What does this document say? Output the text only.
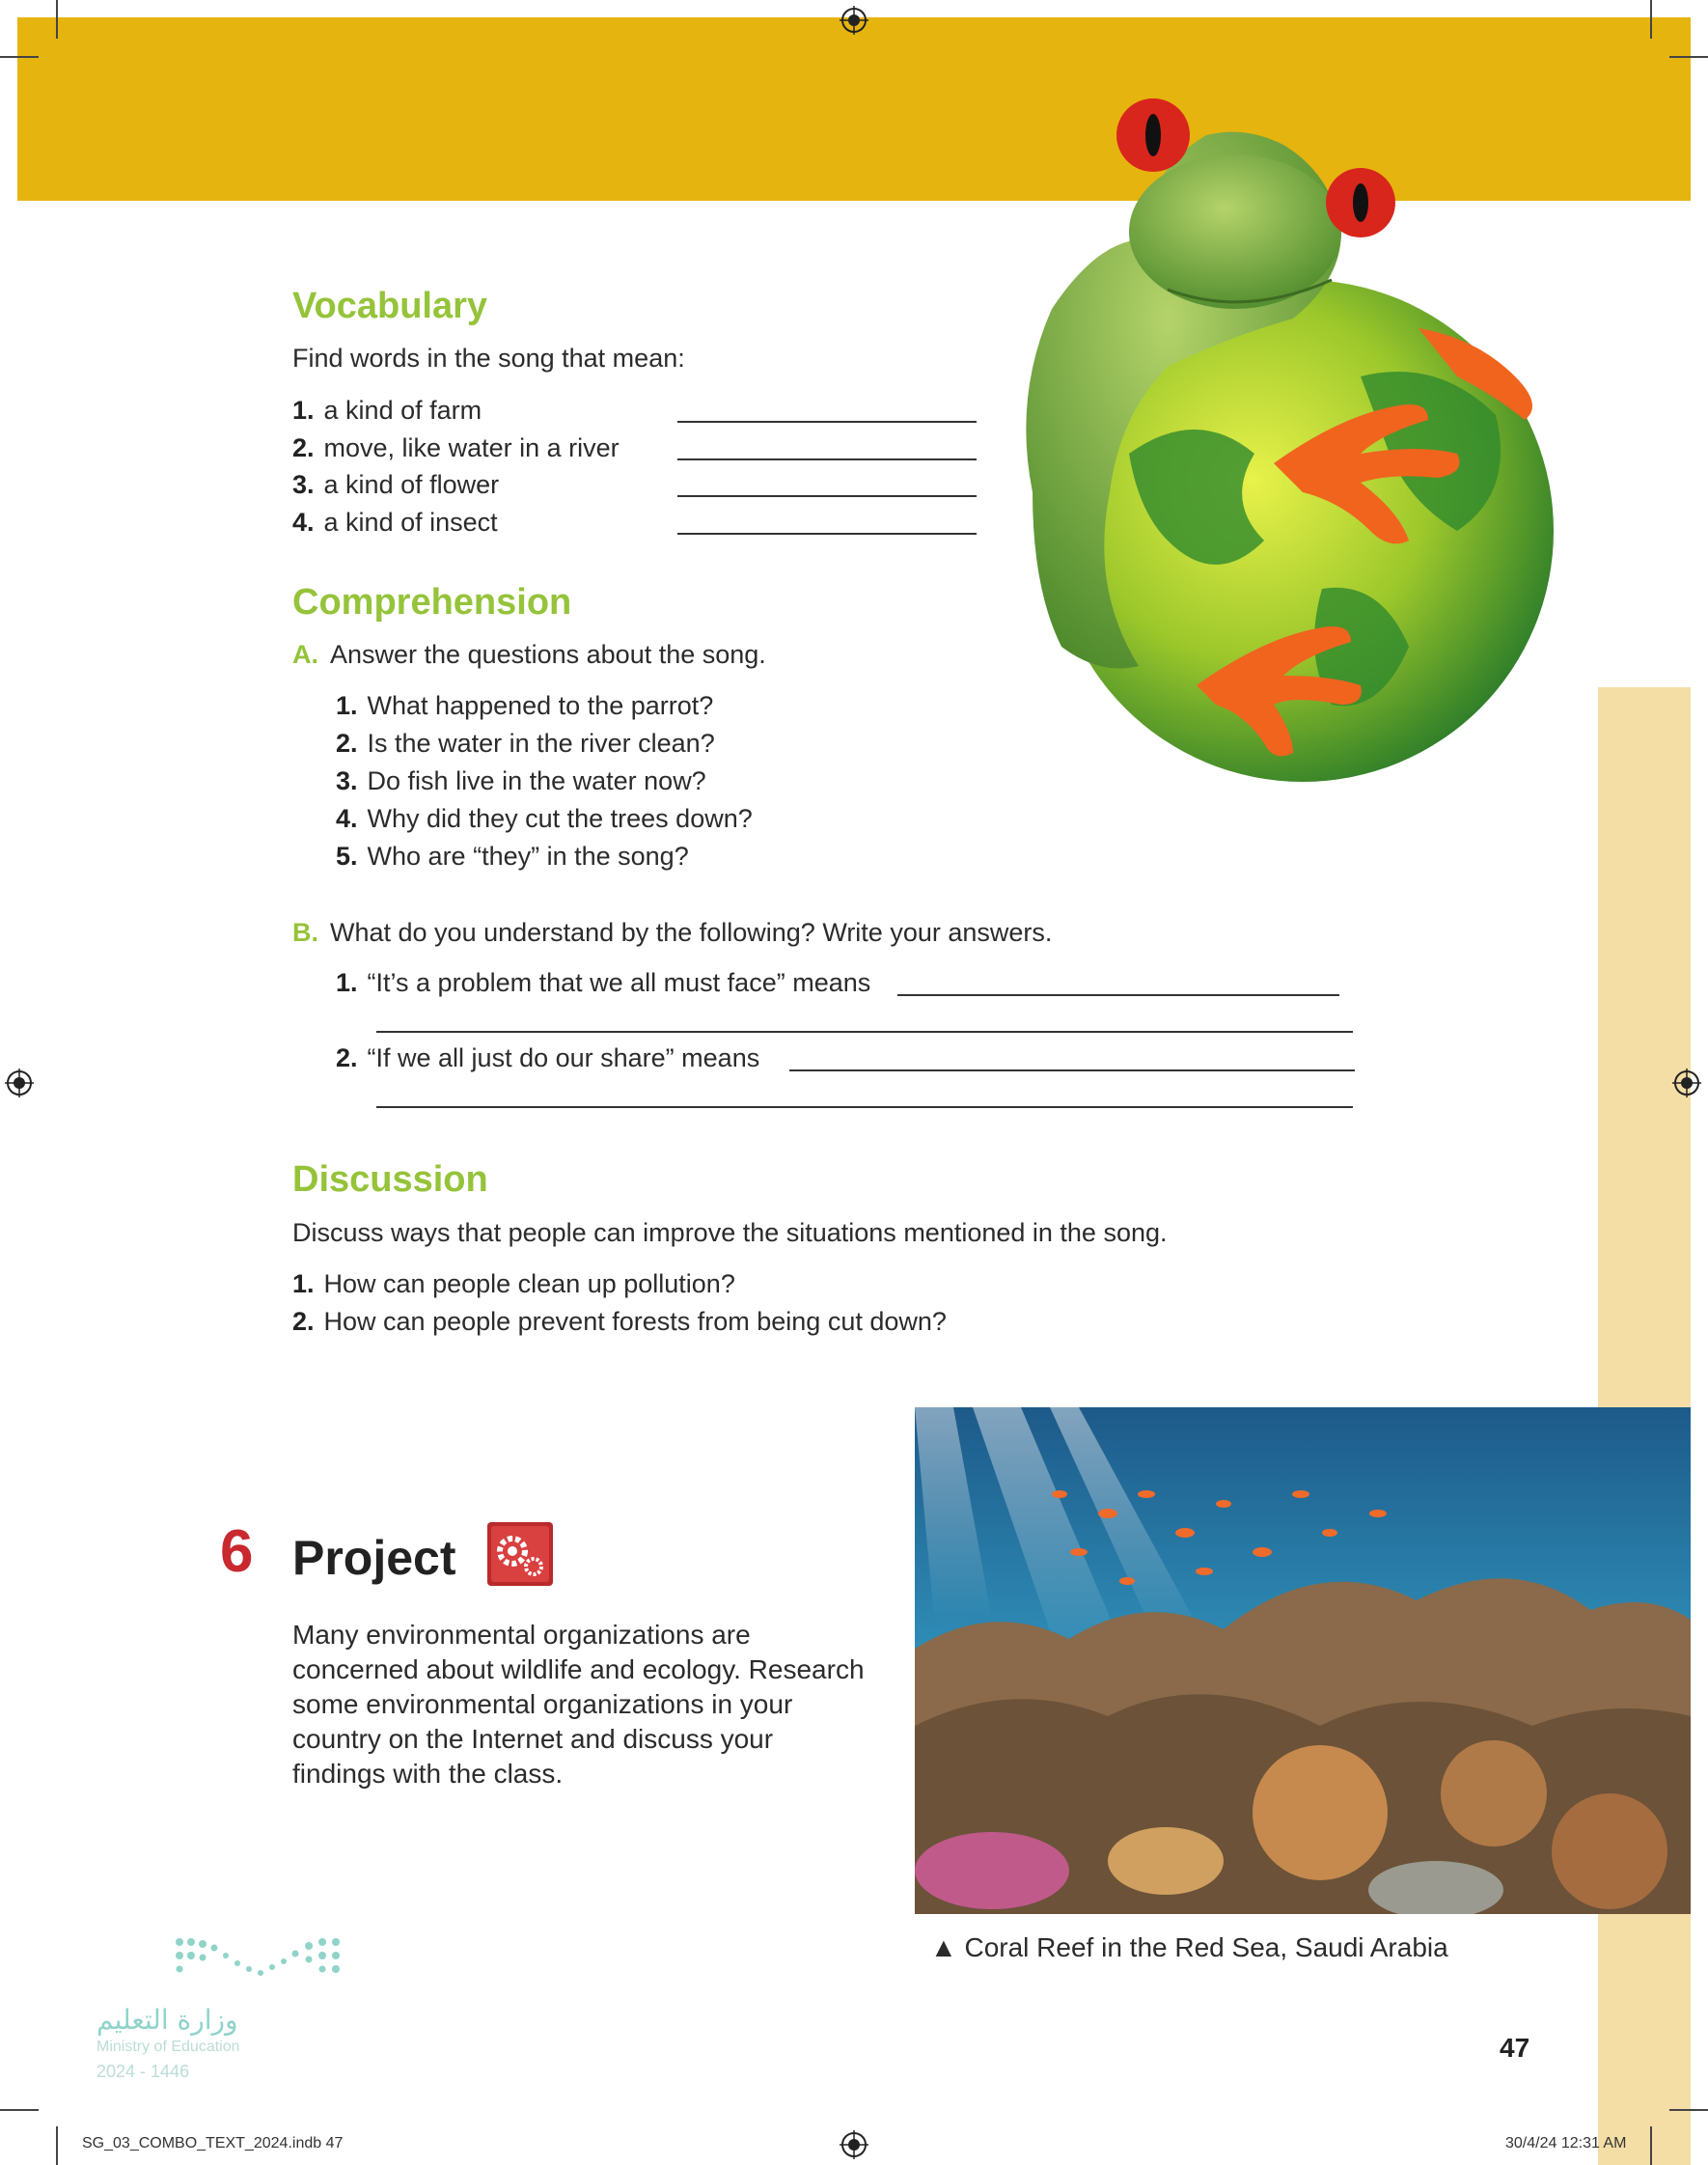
Vocabulary
Find words in the song that mean:
1. a kind of farm
2. move, like water in a river
3. a kind of flower
4. a kind of insect
Comprehension
A. Answer the questions about the song.
1. What happened to the parrot?
2. Is the water in the river clean?
3. Do fish live in the water now?
4. Why did they cut the trees down?
5. Who are “they” in the song?
B. What do you understand by the following? Write your answers.
1. “It’s a problem that we all must face” means
2. “If we all just do our share” means
Discussion
Discuss ways that people can improve the situations mentioned in the song.
1. How can people clean up pollution?
2. How can people prevent forests from being cut down?
6 Project
Many environmental organizations are concerned about wildlife and ecology. Research some environmental organizations in your country on the Internet and discuss your findings with the class.
▲ Coral Reef in the Red Sea, Saudi Arabia
47
وزارة التعليم
Ministry of Education
2024 - 1446
SG_03_COMBO_TEXT_2024.indb 47	30/4/24 12:31 AM
